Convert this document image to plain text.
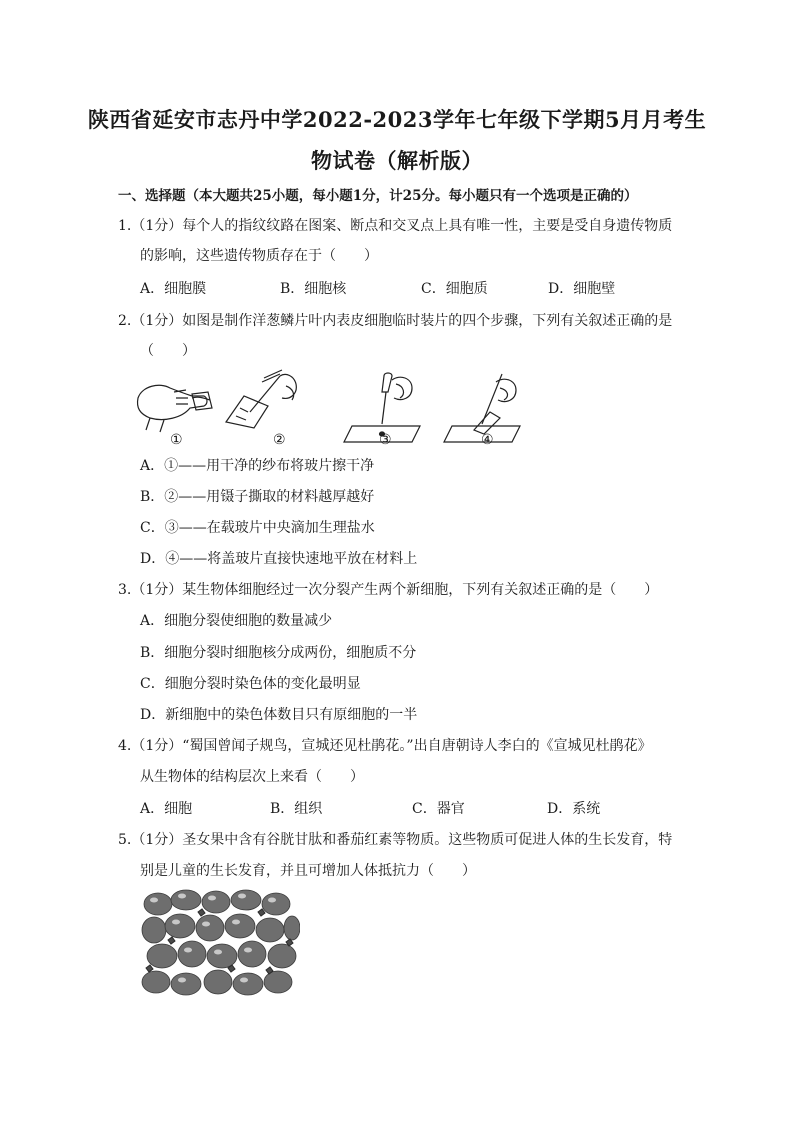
陕西省延安市志丹中学2022-2023学年七年级下学期5月月考生
物试卷（解析版）
一、选择题（本大题共25小题，每小题1分，计25分。每小题只有一个选项是正确的）
1.（1分）每个人的指纹纹路在图案、断点和交叉点上具有唯一性，主要是受自身遗传物质
的影响，这些遗传物质存在于（　　）
A．细胞膜	B．细胞核	C．细胞质	D．细胞壁
2.（1分）如图是制作洋葱鳞片叶内表皮细胞临时装片的四个步骤，下列有关叙述正确的是
（　　）
①	②	③	④
A．①——用干净的纱布将玻片擦干净
B．②——用镊子撕取的材料越厚越好
C．③——在载玻片中央滴加生理盐水
D．④——将盖玻片直接快速地平放在材料上
3.（1分）某生物体细胞经过一次分裂产生两个新细胞，下列有关叙述正确的是（　　）
A．细胞分裂使细胞的数量减少
B．细胞分裂时细胞核分成两份，细胞质不分
C．细胞分裂时染色体的变化最明显
D．新细胞中的染色体数目只有原细胞的一半
4.（1分）“蜀国曾闻子规鸟，宣城还见杜鹃花。”出自唐朝诗人李白的《宣城见杜鹃花》
从生物体的结构层次上来看（　　）
A．细胞	B．组织	C．器官	D．系统
5.（1分）圣女果中含有谷胱甘肽和番茄红素等物质。这些物质可促进人体的生长发育，特
别是儿童的生长发育，并且可增加人体抵抗力（　　）
